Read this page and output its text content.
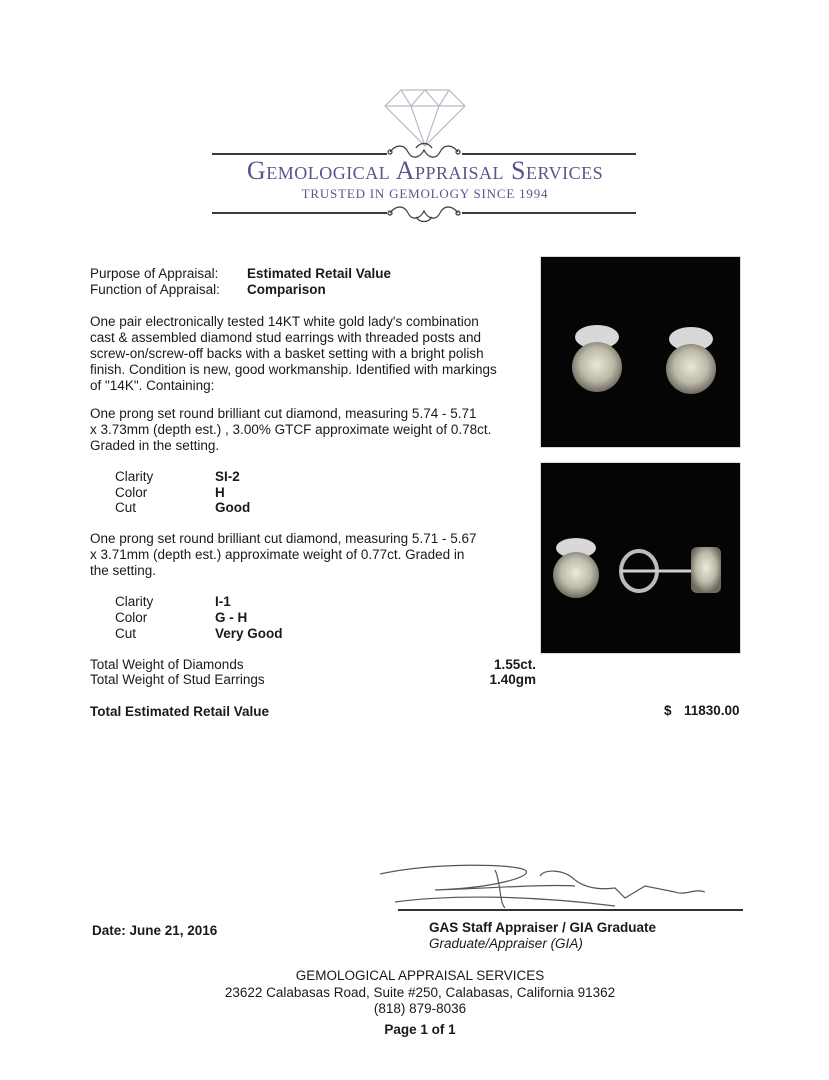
Gemological Appraisal Services
TRUSTED IN GEMOLOGY SINCE 1994
Purpose of Appraisal: Estimated Retail Value
Function of Appraisal: Comparison
One pair electronically tested 14KT white gold lady's combination
cast & assembled diamond stud earrings with threaded posts and
screw-on/screw-off backs with a basket setting with a bright polish
finish. Condition is new, good workmanship. Identified with markings
of "14K". Containing:
One prong set round brilliant cut diamond, measuring 5.74 - 5.71
x 3.73mm (depth est.) , 3.00% GTCF approximate weight of 0.78ct.
Graded in the setting.
Clarity	SI-2
Color	H
Cut	Good
One prong set round brilliant cut diamond, measuring 5.71 - 5.67
x 3.71mm (depth est.) approximate weight of 0.77ct. Graded in
the setting.
Clarity	I-1
Color	G - H
Cut	Very Good
Total Weight of Diamonds	1.55ct.
Total Weight of Stud Earrings	1.40gm
Total Estimated Retail Value	$ 11830.00
Date: June 21, 2016	GAS Staff Appraiser / GIA Graduate
Graduate/Appraiser (GIA)
GEMOLOGICAL APPRAISAL SERVICES
23622 Calabasas Road, Suite #250, Calabasas, California 91362
(818) 879-8036
Page 1 of 1
